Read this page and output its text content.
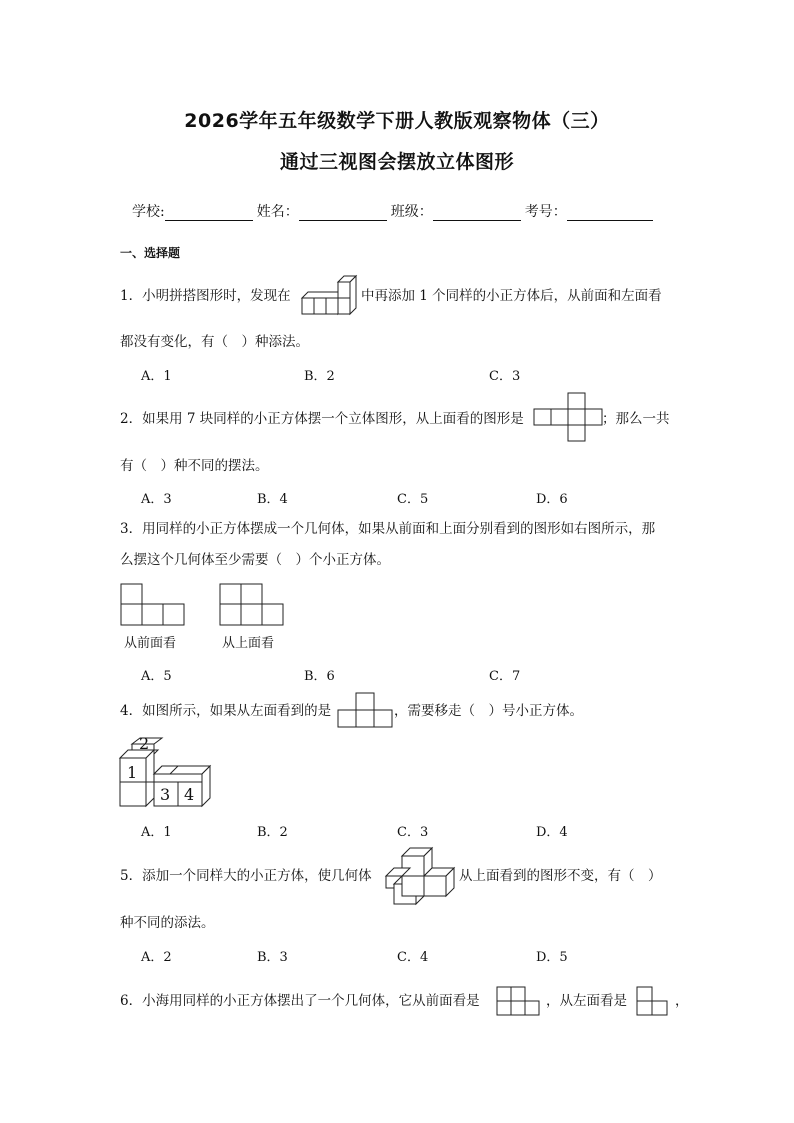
2026学年五年级数学下册人教版观察物体（三）
通过三视图会摆放立体图形
学校:	姓名：	班级：	考号：
一、选择题
1．小明拼搭图形时，发现在	中再添加 1 个同样的小正方体后，从前面和左面看
都没有变化，有（　）种添法。
A．1	B．2	C．3
2．如果用 7 块同样的小正方体摆一个立体图形，从上面看的图形是	；那么一共
有（　）种不同的摆法。
A．3	B．4	C．5	D．6
3．用同样的小正方体摆成一个几何体，如果从前面和上面分别看到的图形如右图所示，那
么摆这个几何体至少需要（　）个小正方体。
从前面看	从上面看
A．5	B．6	C．7
4．如图所示，如果从左面看到的是	，需要移走（　）号小正方体。
2
1
3 4
A．1	B．2	C．3	D．4
5．添加一个同样大的小正方体，使几何体	从上面看到的图形不变，有（　）
种不同的添法。
A．2	B．3	C．4	D．5
6．小海用同样的小正方体摆出了一个几何体，它从前面看是	，从左面看是	，
